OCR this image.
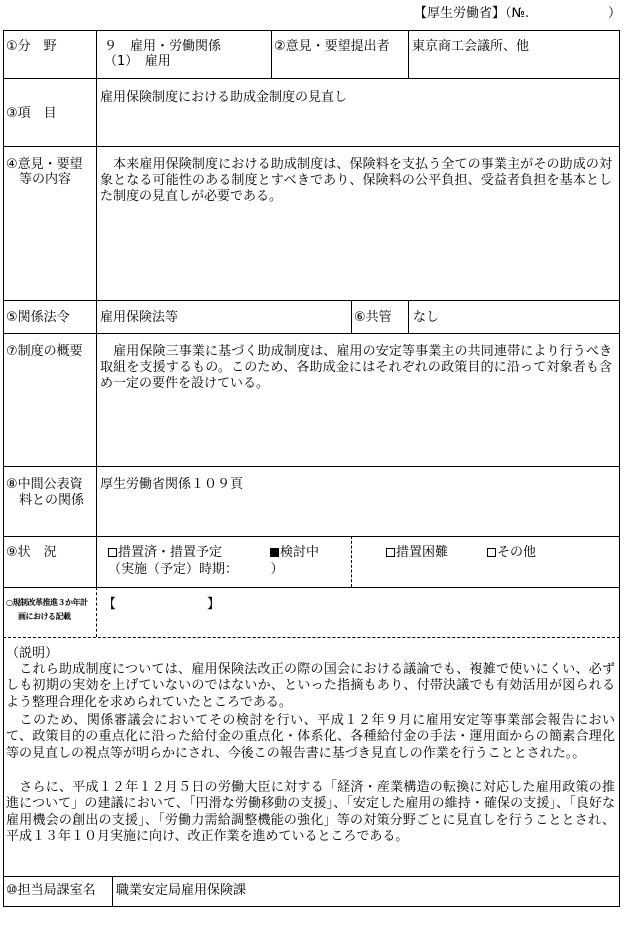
【厚生労働省】（№.	）
①分　野	９　雇用・労働関係
（1）　雇用
②意見・要望提出者 東京商工会議所、他
③項　目
雇用保険制度における助成金制度の見直し
④意見・要望
等の内容
　本来雇用保険制度における助成制度は、保険料を支払う全ての事業主がその助成の対象となる可能性のある制度とすべきであり、保険料の公平負担、受益者負担を基本とした制度の見直しが必要である。
⑤関係法令 雇用保険法等	⑥共管 なし
⑦制度の概要 　雇用保険三事業に基づく助成制度は、雇用の安定等事業主の共同連帯により行うべき取組を支援するもの。このため、各助成金にはそれぞれの政策目的に沿って対象者も含め一定の要件を設けている。
⑧中間公表資
料との関係
厚生労働省関係１０９頁
⑨状　況	措置済・措置予定	検討中	措置困難	その他
（実施（予定）時期：　　　）
○規制改革推進３か年計
画における記載
【　　　　　　　】
（説明）
　これら助成制度については、雇用保険法改正の際の国会における議論でも、複雑で使いにくい、必ずしも初期の実効を上げていないのではないか、といった指摘もあり、付帯決議でも有効活用が図られるよう整理合理化を求められていたところである。
　このため、関係審議会においてその検討を行い、平成１２年９月に雇用安定等事業部会報告において、政策目的の重点化に沿った給付金の重点化・体系化、各種給付金の手法・運用面からの簡素合理化等の見直しの視点等が明らかにされ、今後この報告書に基づき見直しの作業を行うこととされた。。
　さらに、平成１２年１２月５日の労働大臣に対する「経済・産業構造の転換に対応した雇用政策の推進について」の建議において、「円滑な労働移動の支援」、「安定した雇用の維持・確保の支援」、「良好な雇用機会の創出の支援」、「労働力需給調整機能の強化」等の対策分野ごとに見直しを行うこととされ、平成１３年１０月実施に向け、改正作業を進めているところである。
⑩担当局課室名 職業安定局雇用保険課
